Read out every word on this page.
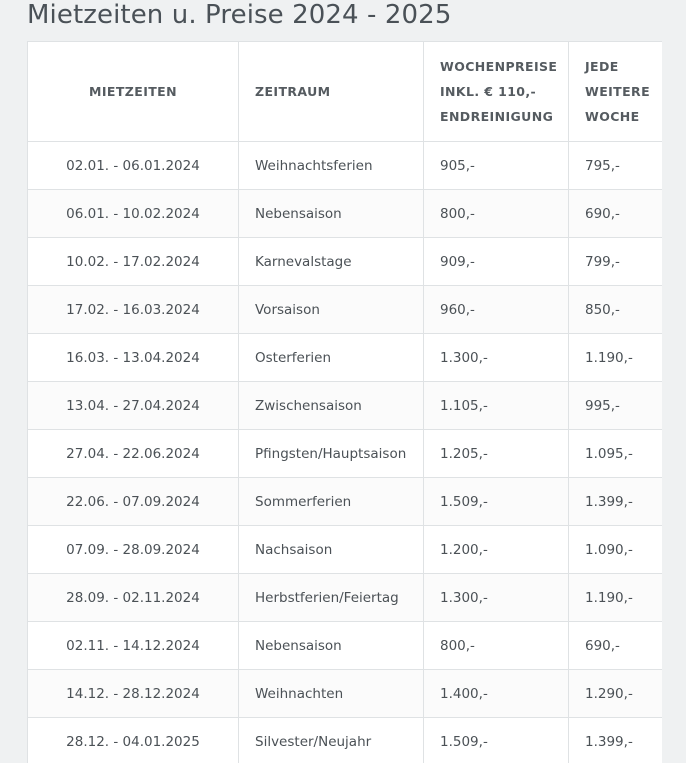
Mietzeiten u. Preise 2024 - 2025
MIETZEITEN	ZEITRAUM	WOCHENPREISE INKL. € 110,- ENDREINIGUNG	JEDE WEITERE WOCHE
02.01. - 06.01.2024	Weihnachtsferien	905,-	795,-
06.01. - 10.02.2024	Nebensaison	800,-	690,-
10.02. - 17.02.2024	Karnevalstage	909,-	799,-
17.02. - 16.03.2024	Vorsaison	960,-	850,-
16.03. - 13.04.2024	Osterferien	1.300,-	1.190,-
13.04. - 27.04.2024	Zwischensaison	1.105,-	995,-
27.04. - 22.06.2024	Pfingsten/Hauptsaison	1.205,-	1.095,-
22.06. - 07.09.2024	Sommerferien	1.509,-	1.399,-
07.09. - 28.09.2024	Nachsaison	1.200,-	1.090,-
28.09. - 02.11.2024	Herbstferien/Feiertag	1.300,-	1.190,-
02.11. - 14.12.2024	Nebensaison	800,-	690,-
14.12. - 28.12.2024	Weihnachten	1.400,-	1.290,-
28.12. - 04.01.2025	Silvester/Neujahr	1.509,-	1.399,-
